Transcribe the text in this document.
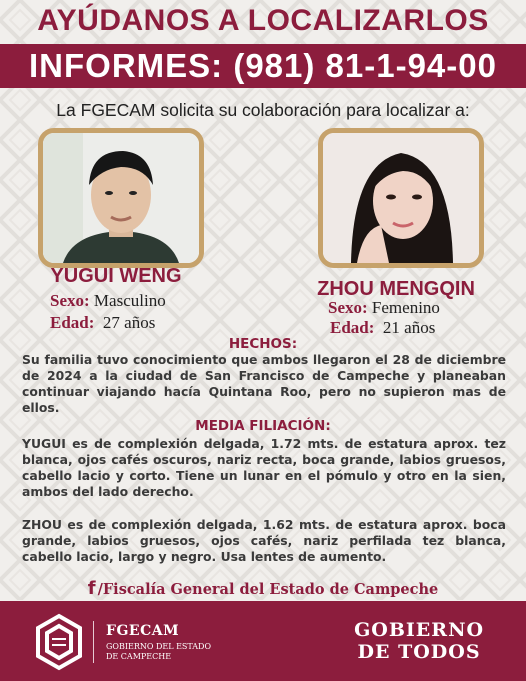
AYÚDANOS A LOCALIZARLOS
INFORMES: (981) 81-1-94-00
La FGECAM solicita su colaboración para localizar a:
YUGUI WENG
Sexo: Masculino
Edad: 27 años
ZHOU MENGQIN
Sexo: Femenino
Edad: 21 años
HECHOS:
Su familia tuvo conocimiento que ambos llegaron el 28 de diciembre de 2024 a la ciudad de San Francisco de Campeche y planeaban continuar viajando hacía Quintana Roo, pero no supieron mas de ellos.
MEDIA FILIACIÓN:
YUGUI es de complexión delgada, 1.72 mts. de estatura aprox. tez blanca, ojos cafés oscuros, nariz recta, boca grande, labios gruesos, cabello lacio y corto. Tiene un lunar en el pómulo y otro en la sien, ambos del lado derecho.
ZHOU es de complexión delgada, 1.62 mts. de estatura aprox. boca grande, labios gruesos, ojos cafés, nariz perfilada tez blanca, cabello lacio, largo y negro. Usa lentes de aumento.
f /Fiscalía General del Estado de Campeche
FGECAM
GOBIERNO DEL ESTADO
DE CAMPECHE
GOBIERNO
DE TODOS
